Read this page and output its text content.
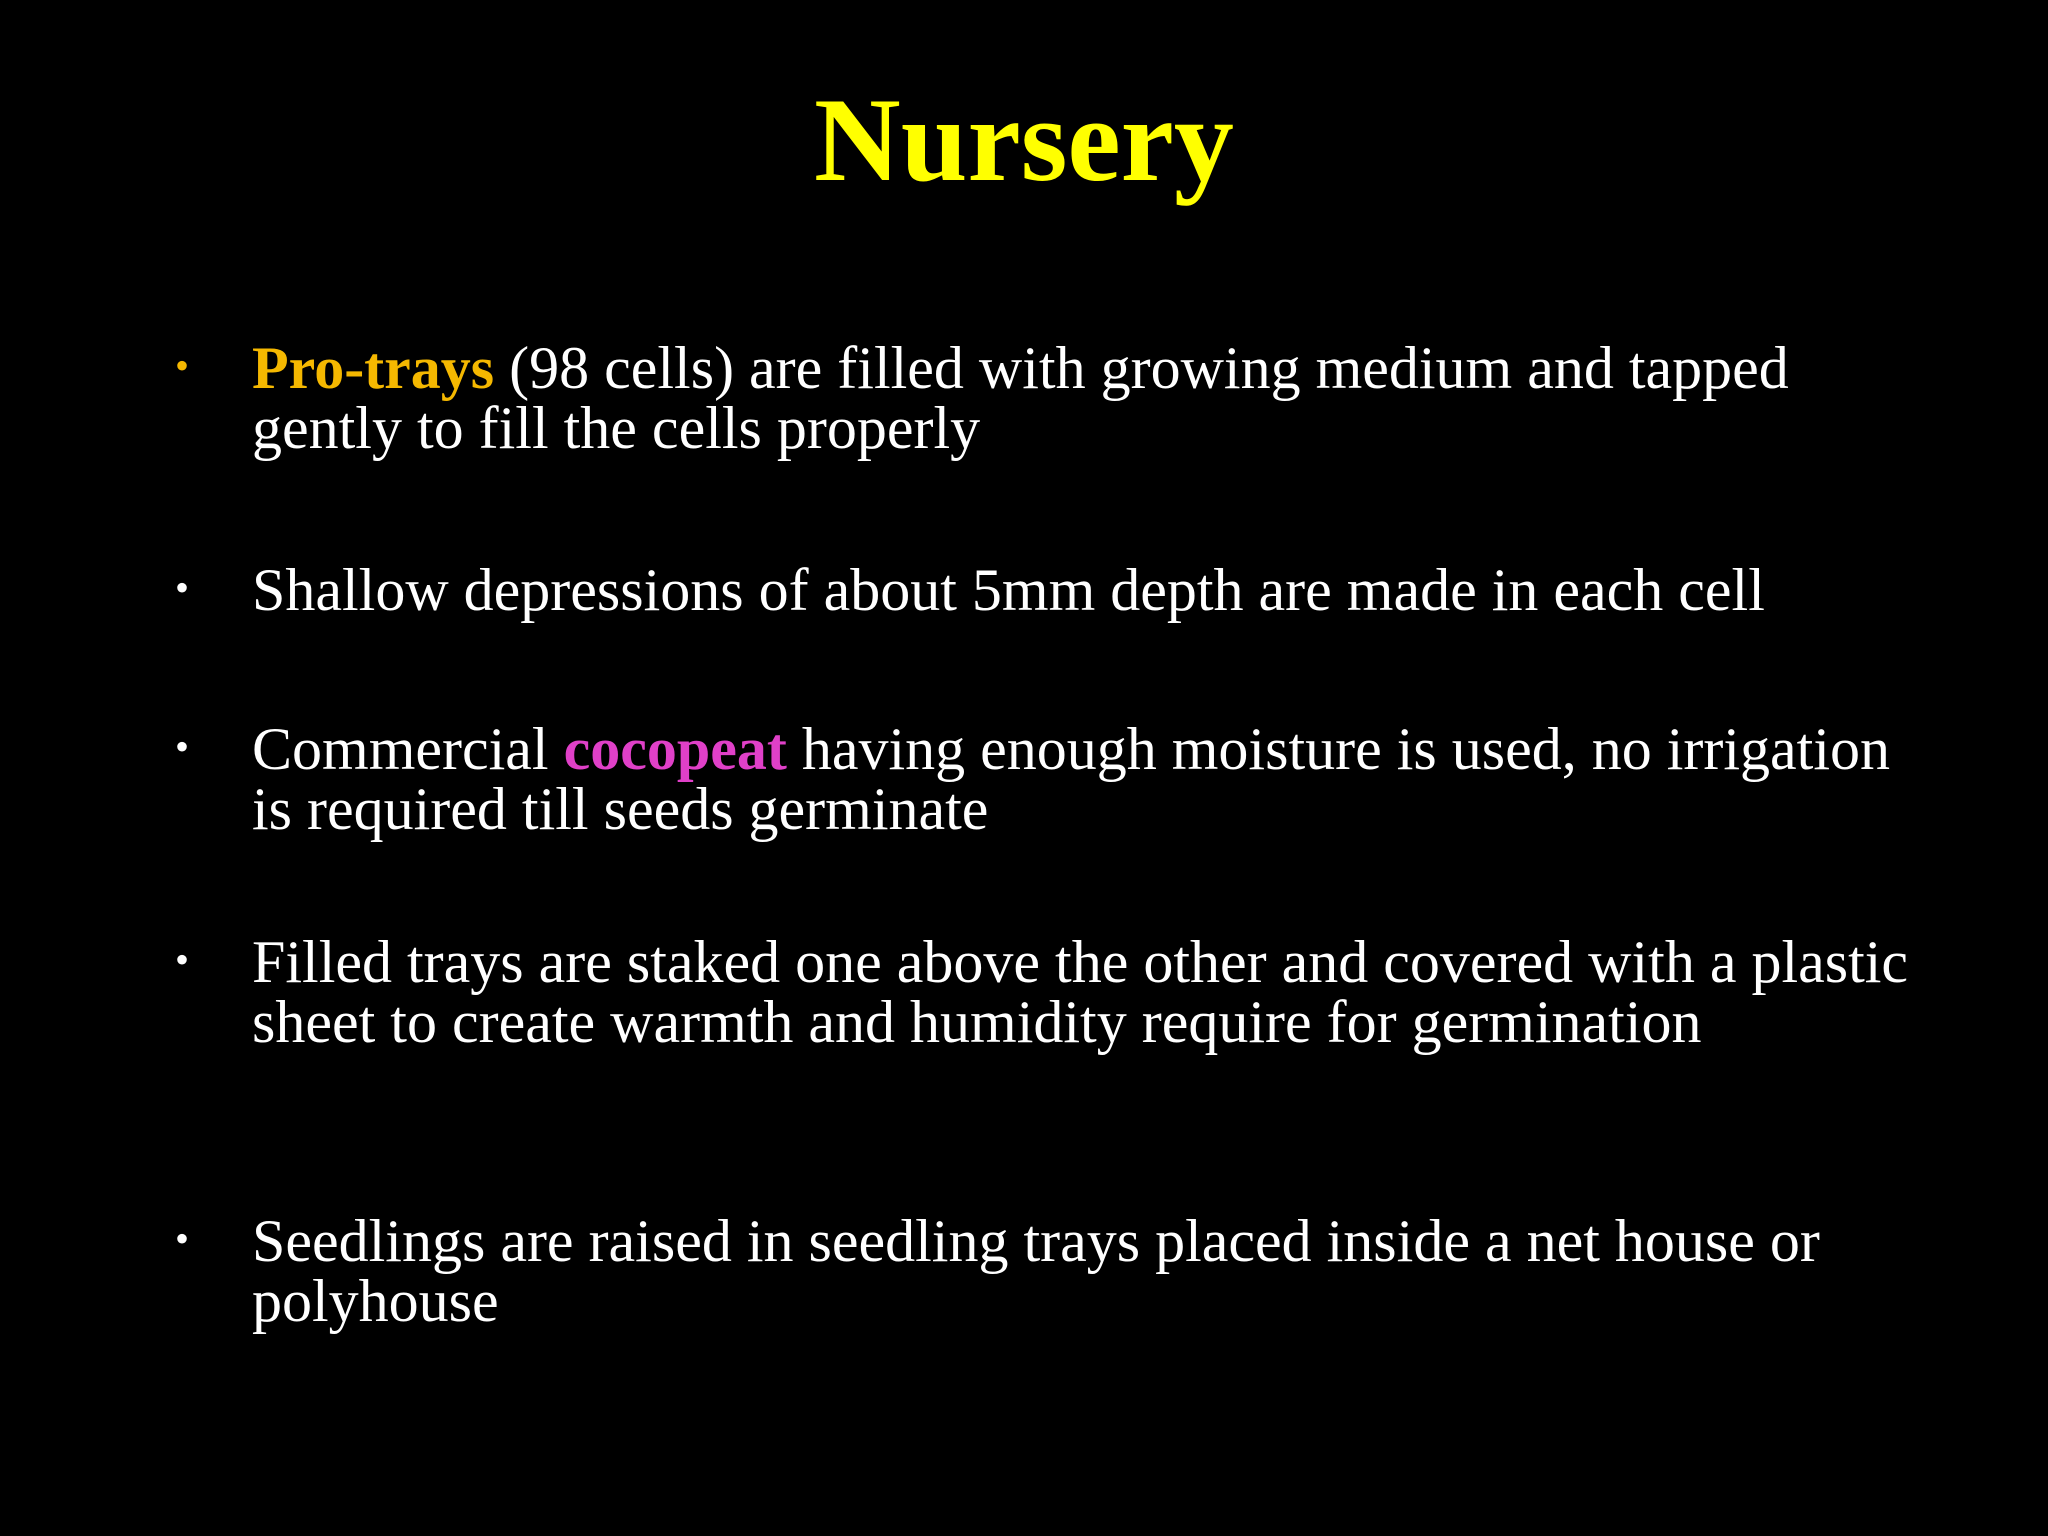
Nursery
•	Pro-trays (98 cells) are filled with growing medium and tapped gently to fill the cells properly
•	Shallow depressions of about 5mm depth are made in each cell
•	Commercial cocopeat having enough moisture is used, no irrigation is required till seeds germinate
•	Filled trays are staked one above the other and covered with a plastic sheet to create warmth and humidity require for germination
•	Seedlings are raised in seedling trays placed inside a net house or polyhouse
